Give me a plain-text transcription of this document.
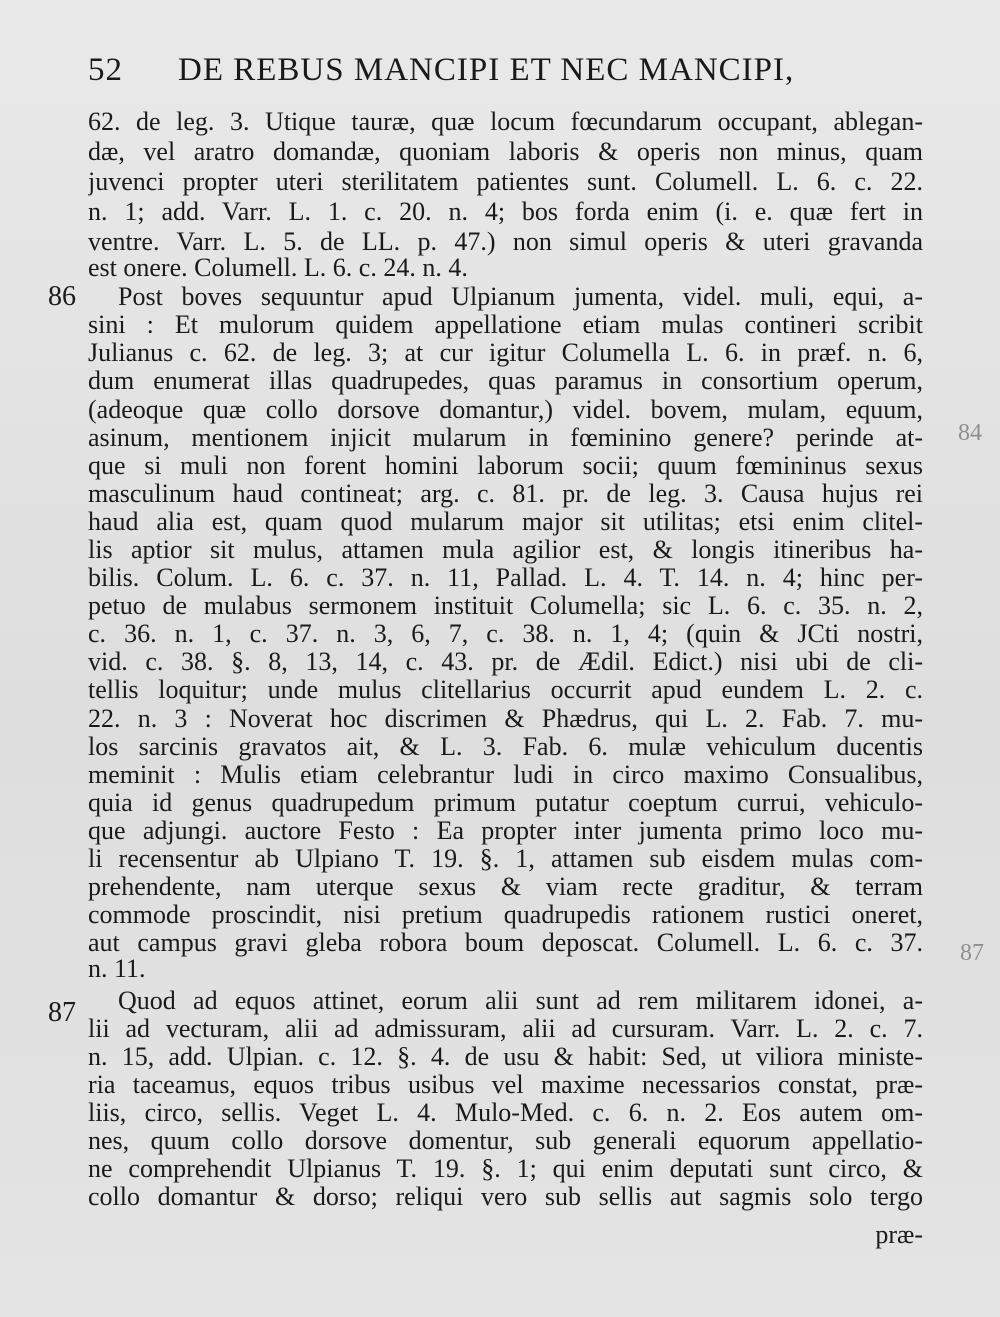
84
87
52 DE REBUS MANCIPI ET NEC MANCIPI,
86
87
62. de leg. 3. Utique tauræ, quæ locum fœcundarum occupant, ablegan-
dæ, vel aratro domandæ, quoniam laboris & operis non minus, quam
juvenci propter uteri sterilitatem patientes sunt. Columell. L. 6. c. 22.
n. 1; add. Varr. L. 1. c. 20. n. 4; bos forda enim (i. e. quæ fert in
ventre. Varr. L. 5. de LL. p. 47.) non simul operis & uteri gravanda
est onere. Columell. L. 6. c. 24. n. 4.
Post boves sequuntur apud Ulpianum jumenta, videl. muli, equi, a-
sini : Et mulorum quidem appellatione etiam mulas contineri scribit
Julianus c. 62. de leg. 3; at cur igitur Columella L. 6. in præf. n. 6,
dum enumerat illas quadrupedes, quas paramus in consortium operum,
(adeoque quæ collo dorsove domantur,) videl. bovem, mulam, equum,
asinum, mentionem injicit mularum in fœminino genere? perinde at-
que si muli non forent homini laborum socii; quum fœmininus sexus
masculinum haud contineat; arg. c. 81. pr. de leg. 3. Causa hujus rei
haud alia est, quam quod mularum major sit utilitas; etsi enim clitel-
lis aptior sit mulus, attamen mula agilior est, & longis itineribus ha-
bilis. Colum. L. 6. c. 37. n. 11, Pallad. L. 4. T. 14. n. 4; hinc per-
petuo de mulabus sermonem instituit Columella; sic L. 6. c. 35. n. 2,
c. 36. n. 1, c. 37. n. 3, 6, 7, c. 38. n. 1, 4; (quin & JCti nostri,
vid. c. 38. §. 8, 13, 14, c. 43. pr. de Ædil. Edict.) nisi ubi de cli-
tellis loquitur; unde mulus clitellarius occurrit apud eundem L. 2. c.
22. n. 3 : Noverat hoc discrimen & Phædrus, qui L. 2. Fab. 7. mu-
los sarcinis gravatos ait, & L. 3. Fab. 6. mulæ vehiculum ducentis
meminit : Mulis etiam celebrantur ludi in circo maximo Consualibus,
quia id genus quadrupedum primum putatur coeptum currui, vehiculo-
que adjungi. auctore Festo : Ea propter inter jumenta primo loco mu-
li recensentur ab Ulpiano T. 19. §. 1, attamen sub eisdem mulas com-
prehendente, nam uterque sexus & viam recte graditur, & terram
commode proscindit, nisi pretium quadrupedis rationem rustici oneret,
aut campus gravi gleba robora boum deposcat. Columell. L. 6. c. 37.
n. 11.
Quod ad equos attinet, eorum alii sunt ad rem militarem idonei, a-
lii ad vecturam, alii ad admissuram, alii ad cursuram. Varr. L. 2. c. 7.
n. 15, add. Ulpian. c. 12. §. 4. de usu & habit: Sed, ut viliora ministe-
ria taceamus, equos tribus usibus vel maxime necessarios constat, præ-
liis, circo, sellis. Veget L. 4. Mulo-Med. c. 6. n. 2. Eos autem om-
nes, quum collo dorsove domentur, sub generali equorum appellatio-
ne comprehendit Ulpianus T. 19. §. 1; qui enim deputati sunt circo, &
collo domantur & dorso; reliqui vero sub sellis aut sagmis solo tergo
præ-
